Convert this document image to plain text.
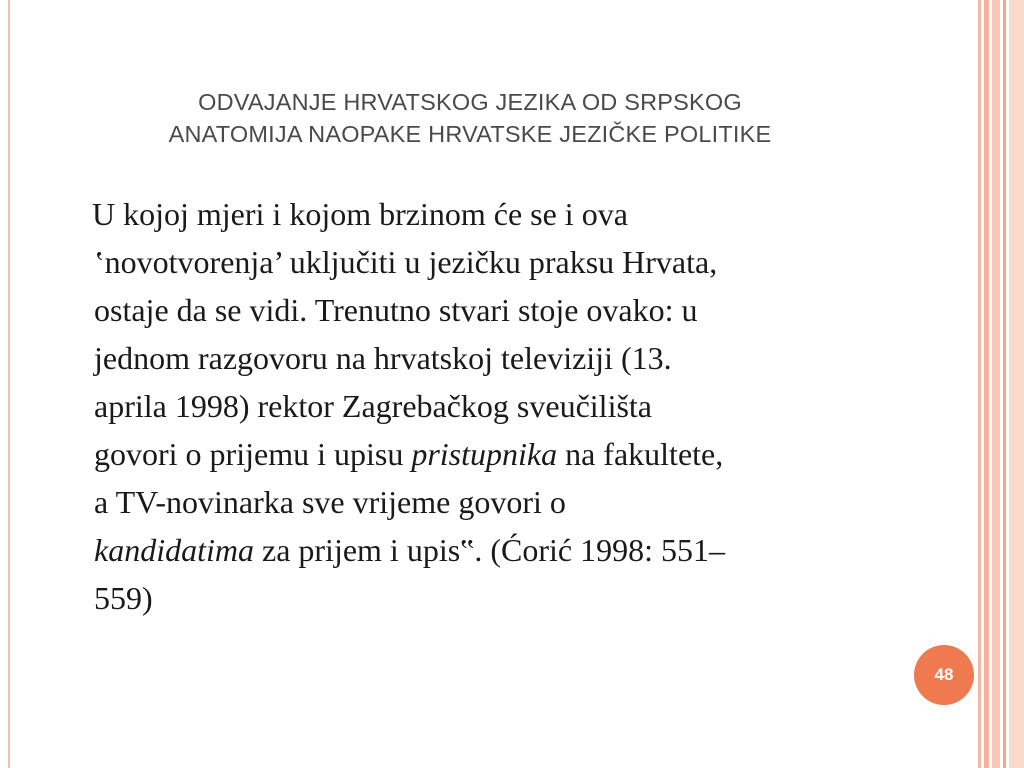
ODVAJANJE HRVATSKOG JEZIKA OD SRPSKOG
ANATOMIJA NAOPAKE HRVATSKE JEZIČKE POLITIKE
U kojoj mjeri i kojom brzinom će se i ova
‛novotvorenja’ uključiti u jezičku praksu Hrvata,
ostaje da se vidi. Trenutno stvari stoje ovako: u
jednom razgovoru na hrvatskoj televiziji (13.
aprila 1998) rektor Zagrebačkog sveučilišta
govori o prijemu i upisu pristupnika na fakultete,
a TV-novinarka sve vrijeme govori o
kandidatima za prijem i upis‟. (Ćorić 1998: 551–
559)
48
